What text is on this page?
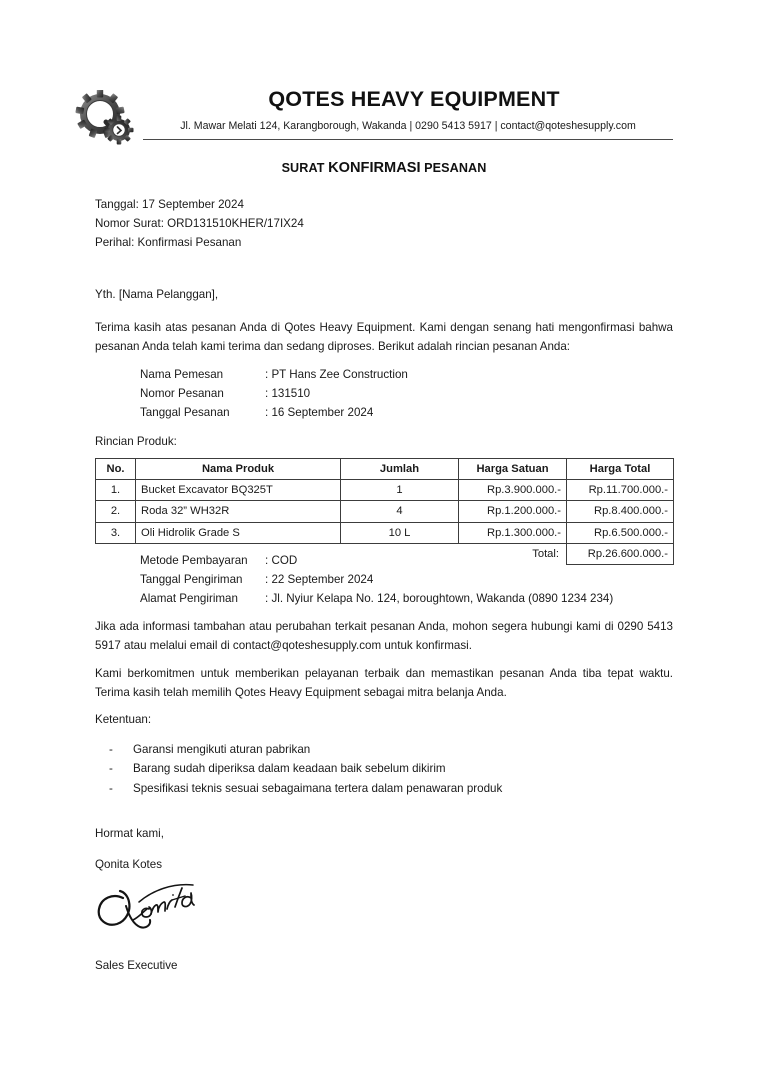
QOTES HEAVY EQUIPMENT
Jl. Mawar Melati 124, Karangborough, Wakanda | 0290 5413 5917 | contact@qoteshesupply.com
SURAT KONFIRMASI PESANAN
Tanggal: 17 September 2024
Nomor Surat: ORD131510KHER/17IX24
Perihal: Konfirmasi Pesanan
Yth. [Nama Pelanggan],
Terima kasih atas pesanan Anda di Qotes Heavy Equipment. Kami dengan senang hati mengonfirmasi bahwa pesanan Anda telah kami terima dan sedang diproses. Berikut adalah rincian pesanan Anda:
Nama Pemesan	: PT Hans Zee Construction
Nomor Pesanan	: 131510
Tanggal Pesanan	: 16 September 2024
Rincian Produk:
No.	Nama Produk	Jumlah	Harga Satuan	Harga Total
1.	Bucket Excavator BQ325T	1	Rp.3.900.000.-	Rp.11.700.000.-
2.	Roda 32” WH32R	4	Rp.1.200.000.-	Rp.8.400.000.-
3.	Oli Hidrolik Grade S	10 L	Rp.1.300.000.-	Rp.6.500.000.-
Total:				Rp.26.600.000.-
Metode Pembayaran	: COD
Tanggal Pengiriman	: 22 September 2024
Alamat Pengiriman	: Jl. Nyiur Kelapa No. 124, boroughtown, Wakanda (0890 1234 234)
Jika ada informasi tambahan atau perubahan terkait pesanan Anda, mohon segera hubungi kami di 0290 5413 5917 atau melalui email di contact@qoteshesupply.com untuk konfirmasi.
Kami berkomitmen untuk memberikan pelayanan terbaik dan memastikan pesanan Anda tiba tepat waktu. Terima kasih telah memilih Qotes Heavy Equipment sebagai mitra belanja Anda.
Ketentuan:
-	Garansi mengikuti aturan pabrikan
-	Barang sudah diperiksa dalam keadaan baik sebelum dikirim
-	Spesifikasi teknis sesuai sebagaimana tertera dalam penawaran produk
Hormat kami,
Qonita Kotes
Sales Executive
